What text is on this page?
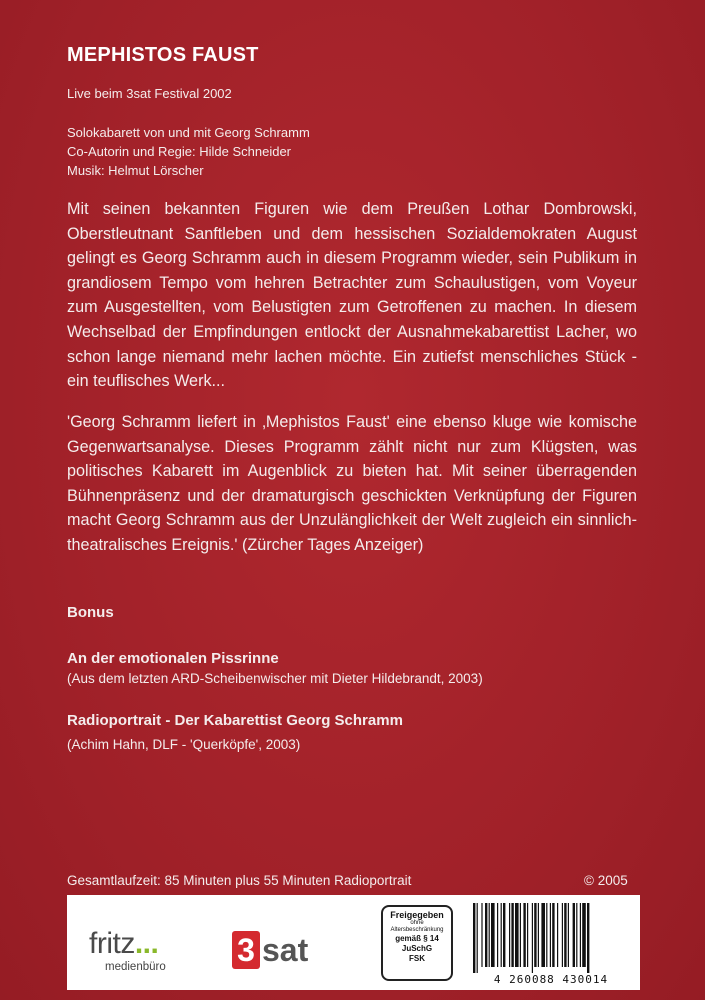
MEPHISTOS FAUST
Live beim 3sat Festival 2002
Solokabarett von und mit Georg Schramm
Co-Autorin und Regie: Hilde Schneider
Musik: Helmut Lörscher
Mit seinen bekannten Figuren wie dem Preußen Lothar Dombrowski, Oberstleutnant Sanftleben und dem hessischen Sozialdemokraten August gelingt es Georg Schramm auch in diesem Programm wieder, sein Publikum in grandiosem Tempo vom hehren Betrachter zum Schaulustigen, vom Voyeur zum Ausgestellten, vom Belustigten zum Getroffenen zu machen. In diesem Wechselbad der Empfindungen entlockt der Ausnahmekabarettist Lacher, wo schon lange niemand mehr lachen möchte. Ein zutiefst menschliches Stück - ein teuflisches Werk...
'Georg Schramm liefert in ‚Mephistos Faust' eine ebenso kluge wie komische Gegenwartsanalyse. Dieses Programm zählt nicht nur zum Klügsten, was politisches Kabarett im Augenblick zu bieten hat. Mit seiner überragenden Bühnenpräsenz und der dramaturgisch geschickten Verknüpfung der Figuren macht Georg Schramm aus der Unzulänglichkeit der Welt zugleich ein sinnlich-theatralisches Ereignis.' (Zürcher Tages Anzeiger)
Bonus
An der emotionalen Pissrinne
(Aus dem letzten ARD-Scheibenwischer mit Dieter Hildebrandt, 2003)
Radioportrait - Der Kabarettist Georg Schramm
(Achim Hahn, DLF - 'Querköpfe', 2003)
Gesamtlaufzeit: 85 Minuten plus 55 Minuten Radioportrait	© 2005
fritz...
medienbüro 3 sat
Freigegeben
ohne
Altersbeschränkung
gemäß § 14
JuSchG
FSK
4 260088 430014
